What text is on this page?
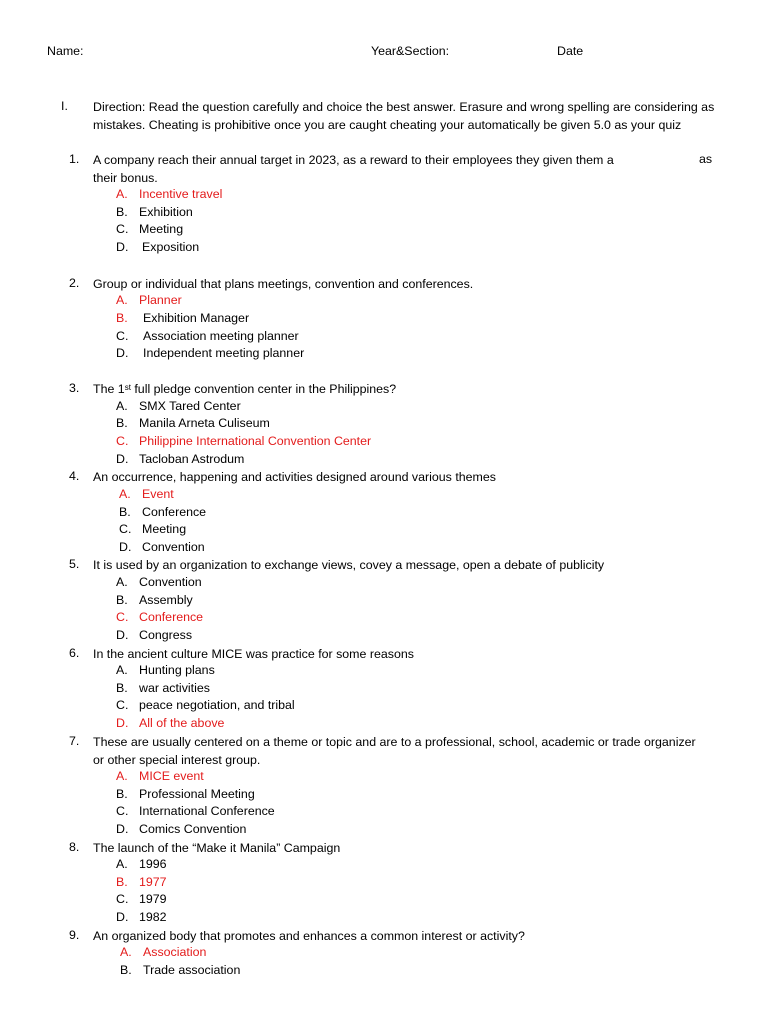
Name:	Year&Section:	Date
I. Direction: Read the question carefully and choice the best answer. Erasure and wrong spelling are considering as mistakes. Cheating is prohibitive once you are caught cheating your automatically be given 5.0 as your quiz
1. A company reach their annual target in 2023, as a reward to their employees they given them a	as
their bonus.
A. Incentive travel
B. Exhibition
C. Meeting
D. Exposition
2. Group or individual that plans meetings, convention and conferences.
A. Planner
B. Exhibition Manager
C. Association meeting planner
D. Independent meeting planner
3. The 1st full pledge convention center in the Philippines?
A. SMX Tared Center
B. Manila Arneta Culiseum
C. Philippine International Convention Center
D. Tacloban Astrodum
4. An occurrence, happening and activities designed around various themes
A. Event
B. Conference
C. Meeting
D. Convention
5. It is used by an organization to exchange views, covey a message, open a debate of publicity
A. Convention
B. Assembly
C. Conference
D. Congress
6. In the ancient culture MICE was practice for some reasons
A. Hunting plans
B. war activities
C. peace negotiation, and tribal
D. All of the above
7. These are usually centered on a theme or topic and are to a professional, school, academic or trade organizer
or other special interest group.
A. MICE event
B. Professional Meeting
C. International Conference
D. Comics Convention
8. The launch of the “Make it Manila” Campaign
A. 1996
B. 1977
C. 1979
D. 1982
9. An organized body that promotes and enhances a common interest or activity?
A. Association
B. Trade association
